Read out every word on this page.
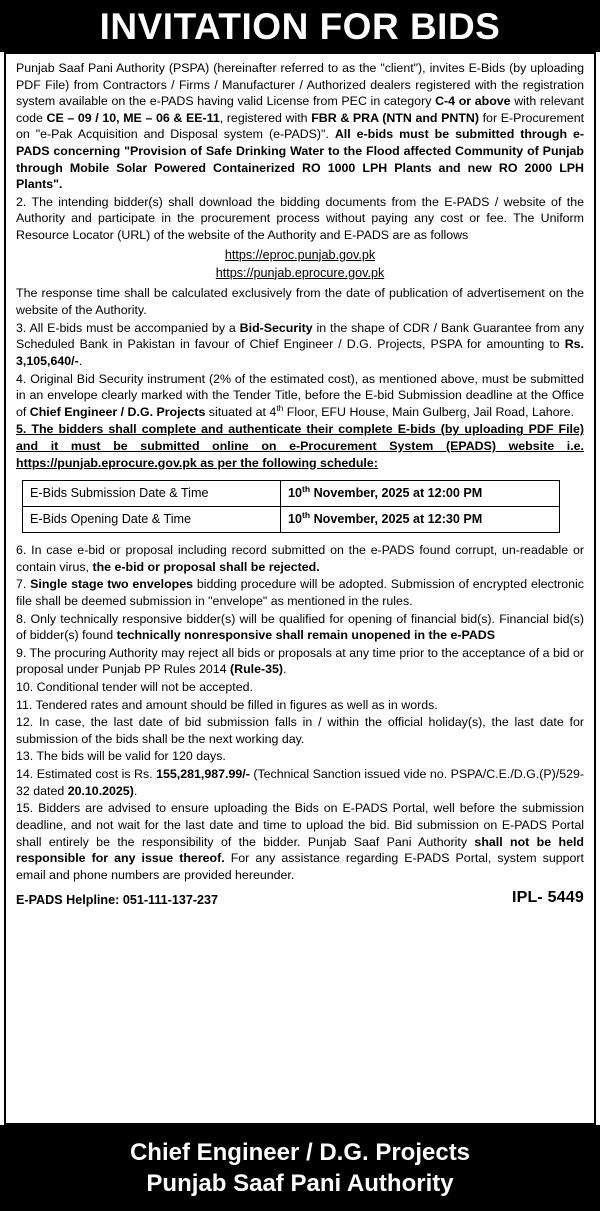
INVITATION FOR BIDS

Punjab Saaf Pani Authority (PSPA) (hereinafter referred to as the "client"), invites E-Bids (by uploading PDF File) from Contractors / Firms / Manufacturer / Authorized dealers registered with the registration system available on the e-PADS having valid License from PEC in category C-4 or above with relevant code CE – 09 / 10, ME – 06 & EE-11, registered with FBR & PRA (NTN and PNTN) for E-Procurement on "e-Pak Acquisition and Disposal system (e-PADS)". All e-bids must be submitted through e-PADS concerning "Provision of Safe Drinking Water to the Flood affected Community of Punjab through Mobile Solar Powered Containerized RO 1000 LPH Plants and new RO 2000 LPH Plants".

2. The intending bidder(s) shall download the bidding documents from the E-PADS / website of the Authority and participate in the procurement process without paying any cost or fee. The Uniform Resource Locator (URL) of the website of the Authority and E-PADS are as follows

https://eproc.punjab.gov.pk
https://punjab.eprocure.gov.pk

The response time shall be calculated exclusively from the date of publication of advertisement on the website of the Authority.

3. All E-bids must be accompanied by a Bid-Security in the shape of CDR / Bank Guarantee from any Scheduled Bank in Pakistan in favour of Chief Engineer / D.G. Projects, PSPA for amounting to Rs. 3,105,640/-.

4. Original Bid Security instrument (2% of the estimated cost), as mentioned above, must be submitted in an envelope clearly marked with the Tender Title, before the E-bid Submission deadline at the Office of Chief Engineer / D.G. Projects situated at 4th Floor, EFU House, Main Gulberg, Jail Road, Lahore.

5. The bidders shall complete and authenticate their complete E-bids (by uploading PDF File) and it must be submitted online on e-Procurement System (EPADS) website i.e. https://punjab.eprocure.gov.pk as per the following schedule:

E-Bids Submission Date & Time	10th November, 2025 at 12:00 PM
E-Bids Opening Date & Time	10th November, 2025 at 12:30 PM

6. In case e-bid or proposal including record submitted on the e-PADS found corrupt, un-readable or contain virus, the e-bid or proposal shall be rejected.

7. Single stage two envelopes bidding procedure will be adopted. Submission of encrypted electronic file shall be deemed submission in "envelope" as mentioned in the rules.

8. Only technically responsive bidder(s) will be qualified for opening of financial bid(s). Financial bid(s) of bidder(s) found technically nonresponsive shall remain unopened in the e-PADS

9. The procuring Authority may reject all bids or proposals at any time prior to the acceptance of a bid or proposal under Punjab PP Rules 2014 (Rule-35).

10. Conditional tender will not be accepted.

11. Tendered rates and amount should be filled in figures as well as in words.

12. In case, the last date of bid submission falls in / within the official holiday(s), the last date for submission of the bids shall be the next working day.

13. The bids will be valid for 120 days.

14. Estimated cost is Rs. 155,281,987.99/- (Technical Sanction issued vide no. PSPA/C.E./D.G.(P)/529-32 dated 20.10.2025).

15. Bidders are advised to ensure uploading the Bids on E-PADS Portal, well before the submission deadline, and not wait for the last date and time to upload the bid. Bid submission on E-PADS Portal shall entirely be the responsibility of the bidder. Punjab Saaf Pani Authority shall not be held responsible for any issue thereof. For any assistance regarding E-PADS Portal, system support email and phone numbers are provided hereunder.

E-PADS Helpline: 051-111-137-237	IPL- 5449
Chief Engineer / D.G. Projects
Punjab Saaf Pani Authority
